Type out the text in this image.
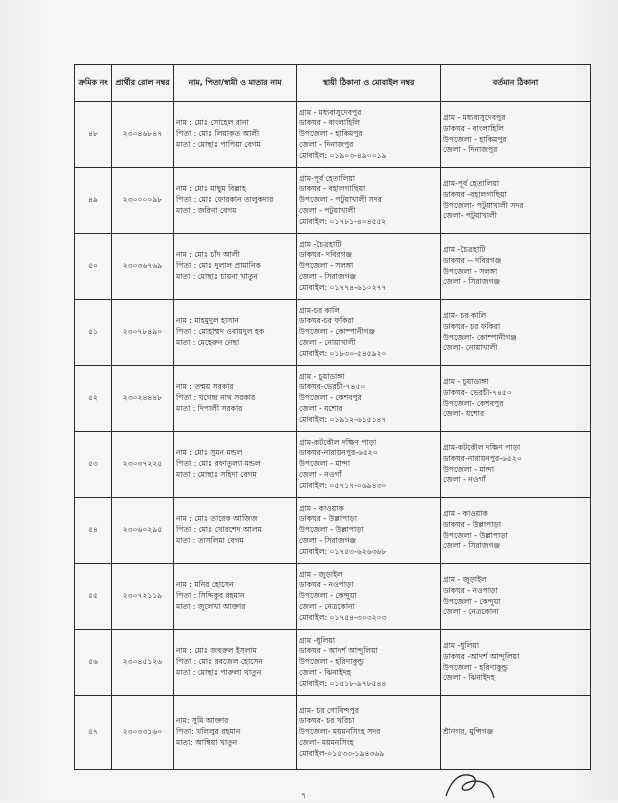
ক্রমিক নং	প্রার্থীর রোল নম্বর	নাম, পিতা/স্বামী ও মাতার নাম	স্থায়ী ঠিকানা ও মোবাইল নম্বর	বর্তমান ঠিকানা
৪৮	২৩০৪৬৮৪৭	নাম : মোঃ সোহেল রানা
পিতা : মোঃ লিয়াকত আলী
মাতা : মোছাঃ পাপিয়া বেগম	গ্রাম - মধ্যবাসুদেবপুর
ডাকঘর - বাংলাহিলি
উপজেলা - হাকিমপুর
জেলা - দিনাজপুর
মোবাইল: ০১৯০৩-৪৯০০১৯	গ্রাম - মধ্যবাসুদেবপুর
ডাকঘর - বাংলাহিলি
উপজেলা - হাকিমপুর
জেলা - দিনাজপুর

৪৯	২৩০০০০৯৮	নাম : মোঃ মাছুম বিল্লাহ
পিতা : মোঃ ফোরকান তালুকদার
মাতা : জরিনা বেগম	গ্রাম-পূর্ব হেতালিয়া
ডাকঘর - বহালগাছিয়া
উপজেলা - পটুয়াখালী সদর
জেলা - পটুয়াখালী
মোবাইল: ০১৭৮১-৪০৪৫৫২	গ্রাম-পূর্ব হেতালিয়া
ডাকঘর -বহালগাছিয়া
উপজেলা- পটুয়াখালী সদর
জেলা- পটুয়াখালী

৫০	২৩০৩৬৭৬৯	নাম : মোঃ চাঁদ আলী
পিতা : মোঃ দুলাল প্রামানিক
মাতা : মোছাঃ চায়না খাতুন	গ্রাম -চৈত্রহাটি
ডাকঘর- দবিরগঞ্জ
উপজেলা - সলঙ্গা
জেলা - সিরাজগঞ্জ
মোবাইল: ০১৭৭৪-৬১০২৭৭	গ্রাম -চৈত্রহাটি
ডাকঘর -- দবিরগঞ্জ
উপজেলা - সলঙ্গা
জেলা - সিরাজগঞ্জ

৫১	২৩০৭৮৪৯০	নাম : মাহমুদুল হাসান
পিতা : মোহাম্মদ ওবায়দুল হক
মাতা : মেহেরুন নেছা	গ্রাম-চর কালি
ডাকঘর-চর ফকিরা
উপজেলা - কোম্পানীগঞ্জ
জেলা - নোয়াখালী
মোবাইল: ০১৮৩০-৫৪৫৯২০	গ্রাম- চর কালি
ডাকঘর- চর ফকিরা
উপজেলা- কোম্পানীগঞ্জ
জেলা- নোয়াখালী

৫২	২৩০২৪৪৪৮	নাম : তন্ময় সরকার
পিতা : খগেন্দ্র নাথ সরকার
মাতা : দিপালী সরকার	গ্রাম - চুয়াডাঙ্গা
ডাকঘর-ভেরচী-৭৪৫০
উপজেলা - কেশবপুর
জেলা - যশোর
মোবাইল: ০১৯১২-৬১৫১৪৭	গ্রাম - চুয়াডাঙ্গা
ডাকঘর- ভেরচী-৭৪৫০
উপজেলা- কেশবপুর
জেলা- যশোর

৫৩	২৩০৩৭২২৫	নাম : মোঃ সুমন মন্ডল
পিতা : মোঃ রফাতুল্যা মন্ডল
মাতা : মোছাঃ সহিদা বেগম	গ্রাম-কটকৌল দক্ষিণ পাড়া
ডাকঘর-নারায়নপুর-৬৫২০
উপজেলা - মান্দা
জেলা - নওগাঁ
মোবাইল: ০৫৭১৭-০৬৯৪৩০	গ্রাম-কটকৌল দক্ষিণ পাড়া
ডাকঘর-নারায়নপুর-৬৫২০
উপজেলা - মান্দা
জেলা - নওগাঁ

৫৪	২৩০৬০২৯৫	নাম : মোঃ তারেক আজিজ
পিতা : মোঃ খোরশেদ আলম
মাতা : তাসলিমা বেগম	গ্রাম - কাওয়াক
ডাকঘর - উল্লাপাড়া
উপজেলা - উল্লাপাড়া
জেলা - সিরাজগঞ্জ
মোবাইল: ০১৭৫৩-৬২৬৩৬৮	গ্রাম - কাওয়াক
ডাকঘর - উল্লাপাড়া
উপজেলা - উল্লাপাড়া
জেলা - সিরাজগঞ্জ

৫৫	২৩০৭২১১৯	নাম : মনির হোসেন
পিতা : সিদ্দিকুর রহমান
মাতা : জুলেখা আক্তার	গ্রাম - জুড়াইল
ডাকঘর - নওপাড়া
উপজেলা - কেন্দুয়া
জেলা - নেত্রকোনা
মোবাইল: ০১৭৫৪-৩০৩২০৩	গ্রাম - জুড়াইল
ডাকঘর - নওপাড়া
উপজেলা - কেন্দুয়া
জেলা - নেত্রকোনা

৫৬	২৩০৪৫১২৬	নাম : মোঃ জহুরুল ইসলাম
পিতা : মোঃ রবজেল হোসেন
মাতা : মোছাঃ পারুলা খাতুন	গ্রাম -ধুলিয়া
ডাকঘর - আদর্শ আন্দুলিয়া
উপজেলা - হরিণাকুন্ডু
জেলা - ঝিনাইদহ
মোবাইল: ০১৫১৮-৯৭৮৫৪৪	গ্রাম -ধুলিয়া
ডাকঘর -আদর্শ আন্দুলিয়া
উপজেলা - হরিণাকুন্ডু
জেলা - ঝিনাইদহ

৫৭	২৩০৩৩১৬০	নাম: সুমি আক্তার
পিতা: খলিলুর রহমান
মাতা: আম্বিয়া খাতুন	গ্রাম- চর গোবিন্দপুর
ডাকঘর- চর খরিচা
উপজেলা- ময়মনসিংহ সদর
জেলা- ময়মনসিংহ
মোবাইল-০১৫৩৩-১৯৪৩৬৯	শ্রীনগর, মুন্সিগঞ্জ
৭
